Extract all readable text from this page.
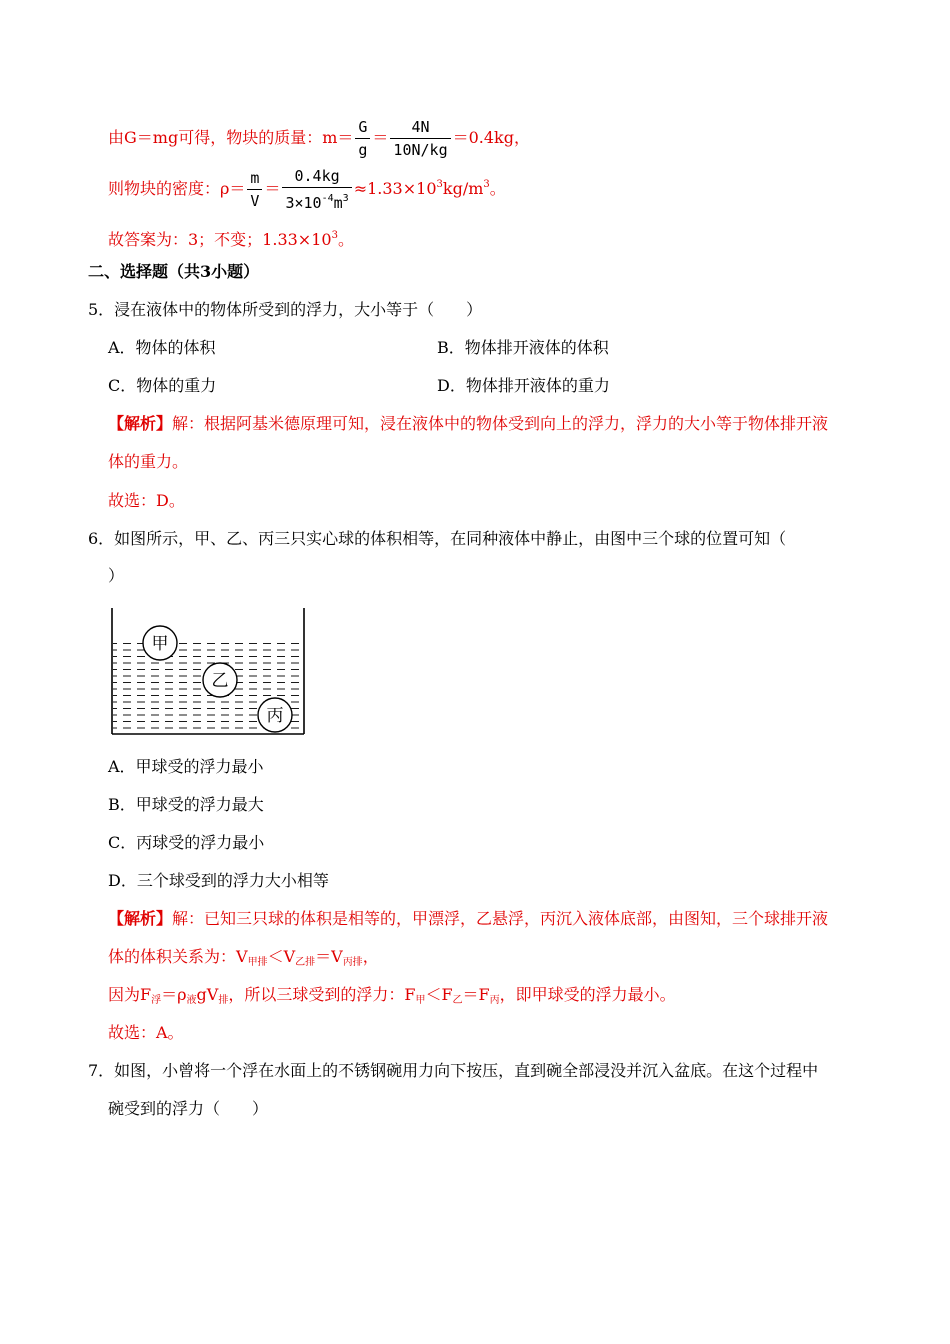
由G＝mg可得，物块的质量：$m= \frac{G}{g} = \frac{4N}{10N/kg} =0.4kg$，
则物块的密度：$\rho= \frac{m}{V} = \frac{0.4kg}{3\times 10^{-4}m^3} \approx 1.33\times 10^3kg/m^3$。
故答案为：3；不变；$1.33\times 10^3$。
二、选择题（共3小题）
5．浸在液体中的物体所受到的浮力，大小等于（　　）
A．物体的体积	B．物体排开液体的体积
C．物体的重力	D．物体排开液体的重力
【解析】解：根据阿基米德原理可知，浸在液体中的物体受到向上的浮力，浮力的大小等于物体排开液
体的重力。
故选：D。
6．如图所示，甲、乙、丙三只实心球的体积相等，在同种液体中静止，由图中三个球的位置可知（
）
甲
乙
丙
A．甲球受的浮力最小
B．甲球受的浮力最大
C．丙球受的浮力最小
D．三个球受到的浮力大小相等
【解析】解：已知三只球的体积是相等的，甲漂浮，乙悬浮，丙沉入液体底部，由图知，三个球排开液
体的体积关系为：$V_{甲排}<V_{乙排}=V_{丙排}$，
因为$F_浮=\rho_液gV_排$，所以三球受到的浮力：$F_甲<F_乙=F_丙$，即甲球受的浮力最小。
故选：A。
7．如图，小曾将一个浮在水面上的不锈钢碗用力向下按压，直到碗全部浸没并沉入盆底。在这个过程中
碗受到的浮力（　　）
